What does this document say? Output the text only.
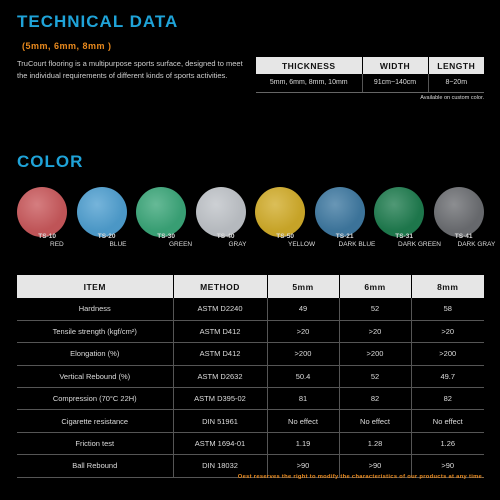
TECHNICAL DATA
(5mm, 6mm, 8mm )
TruCourt flooring is a multipurpose sports surface, designed to meet the individual requirements of different kinds of sports activities.
THICKNESS	WIDTH	LENGTH
5mm, 6mm, 8mm, 10mm	91cm~140cm	8~20m
Available on custom color.
COLOR
TS-10
RED
TS-20
BLUE
TS-30
GREEN
TS-40
GRAY
TS-50
YELLOW
TS-21
DARK BLUE
TS-31
DARK GREEN
TS-41
DARK GRAY
ITEM	METHOD	5mm	6mm	8mm
Hardness	ASTM D2240	49	52	58
Tensile strength (kgf/cm²)	ASTM D412	>20	>20	>20
Elongation (%)	ASTM D412	>200	>200	>200
Vertical Rebound (%)	ASTM D2632	50.4	52	49.7
Compression (70°C 22H)	ASTM D395-02	81	82	82
Cigarette resistance	DIN 51961	No effect	No effect	No effect
Friction test	ASTM 1694-01	1.19	1.28	1.26
Ball Rebound	DIN 18032	>90	>90	>90
Oest reserves the right to modify the characteristics of our products at any time.
